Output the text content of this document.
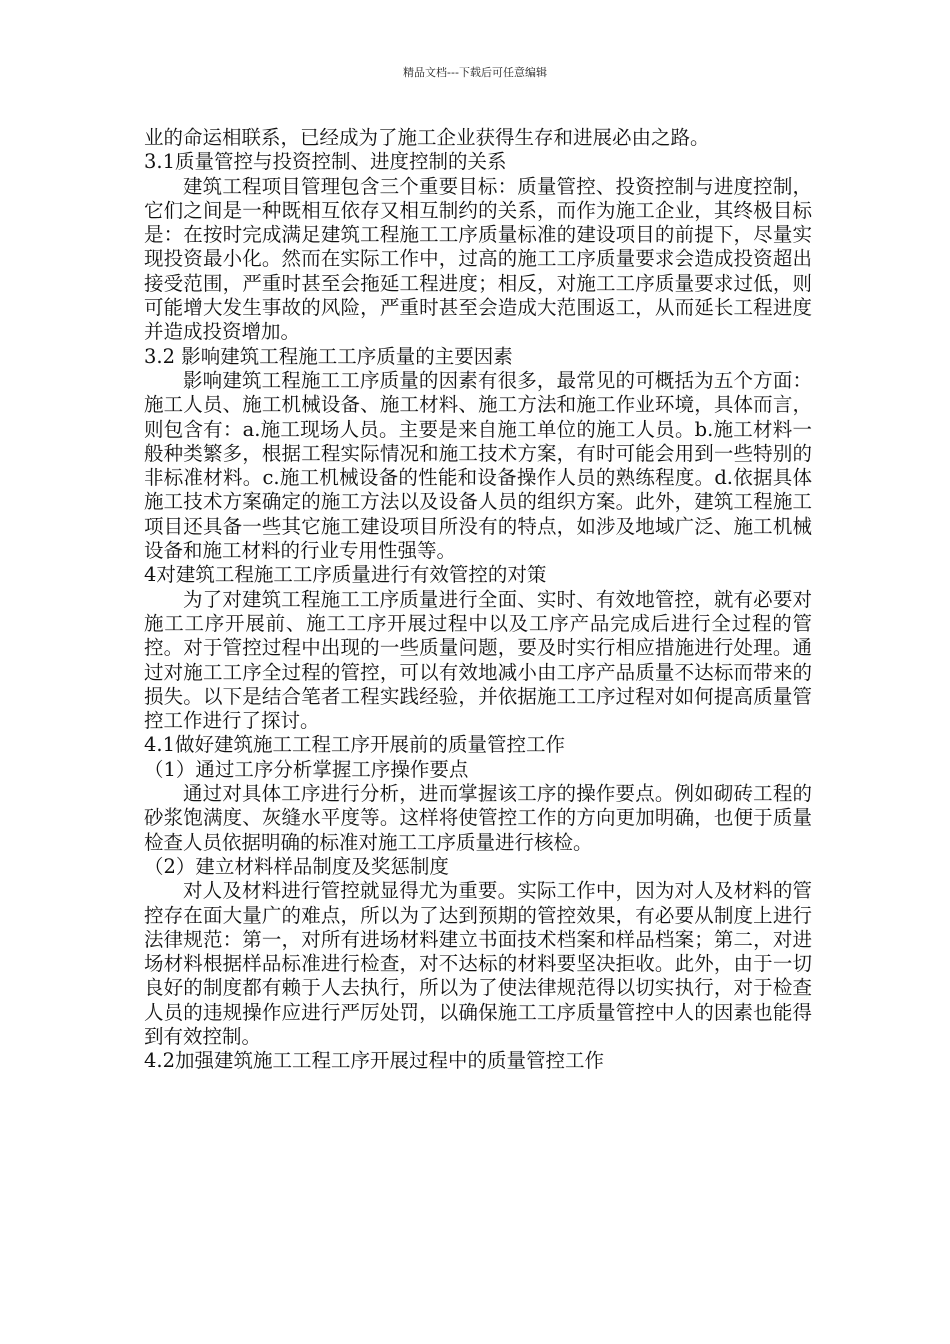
精品文档---下载后可任意编辑

业的命运相联系，已经成为了施工企业获得生存和进展必由之路。

3.1质量管控与投资控制、进度控制的关系

建筑工程项目管理包含三个重要目标：质量管控、投资控制与进度控制，它们之间是一种既相互依存又相互制约的关系，而作为施工企业，其终极目标是：在按时完成满足建筑工程施工工序质量标准的建设项目的前提下，尽量实现投资最小化。然而在实际工作中，过高的施工工序质量要求会造成投资超出接受范围，严重时甚至会拖延工程进度；相反，对施工工序质量要求过低，则可能增大发生事故的风险，严重时甚至会造成大范围返工，从而延长工程进度并造成投资增加。

3.2 影响建筑工程施工工序质量的主要因素

影响建筑工程施工工序质量的因素有很多，最常见的可概括为五个方面：施工人员、施工机械设备、施工材料、施工方法和施工作业环境，具体而言，则包含有：a.施工现场人员。主要是来自施工单位的施工人员。b.施工材料一般种类繁多，根据工程实际情况和施工技术方案，有时可能会用到一些特别的非标准材料。c.施工机械设备的性能和设备操作人员的熟练程度。d.依据具体施工技术方案确定的施工方法以及设备人员的组织方案。此外，建筑工程施工项目还具备一些其它施工建设项目所没有的特点，如涉及地域广泛、施工机械设备和施工材料的行业专用性强等。

4对建筑工程施工工序质量进行有效管控的对策

为了对建筑工程施工工序质量进行全面、实时、有效地管控，就有必要对施工工序开展前、施工工序开展过程中以及工序产品完成后进行全过程的管控。对于管控过程中出现的一些质量问题，要及时实行相应措施进行处理。通过对施工工序全过程的管控，可以有效地减小由工序产品质量不达标而带来的损失。以下是结合笔者工程实践经验，并依据施工工序过程对如何提高质量管控工作进行了探讨。

4.1做好建筑施工工程工序开展前的质量管控工作

（1）通过工序分析掌握工序操作要点

通过对具体工序进行分析，进而掌握该工序的操作要点。例如砌砖工程的砂浆饱满度、灰缝水平度等。这样将使管控工作的方向更加明确，也便于质量检查人员依据明确的标准对施工工序质量进行核检。

（2）建立材料样品制度及奖惩制度

对人及材料进行管控就显得尤为重要。实际工作中，因为对人及材料的管控存在面大量广的难点，所以为了达到预期的管控效果，有必要从制度上进行法律规范：第一，对所有进场材料建立书面技术档案和样品档案；第二，对进场材料根据样品标准进行检查，对不达标的材料要坚决拒收。此外，由于一切良好的制度都有赖于人去执行，所以为了使法律规范得以切实执行，对于检查人员的违规操作应进行严厉处罚，以确保施工工序质量管控中人的因素也能得到有效控制。

4.2加强建筑施工工程工序开展过程中的质量管控工作
